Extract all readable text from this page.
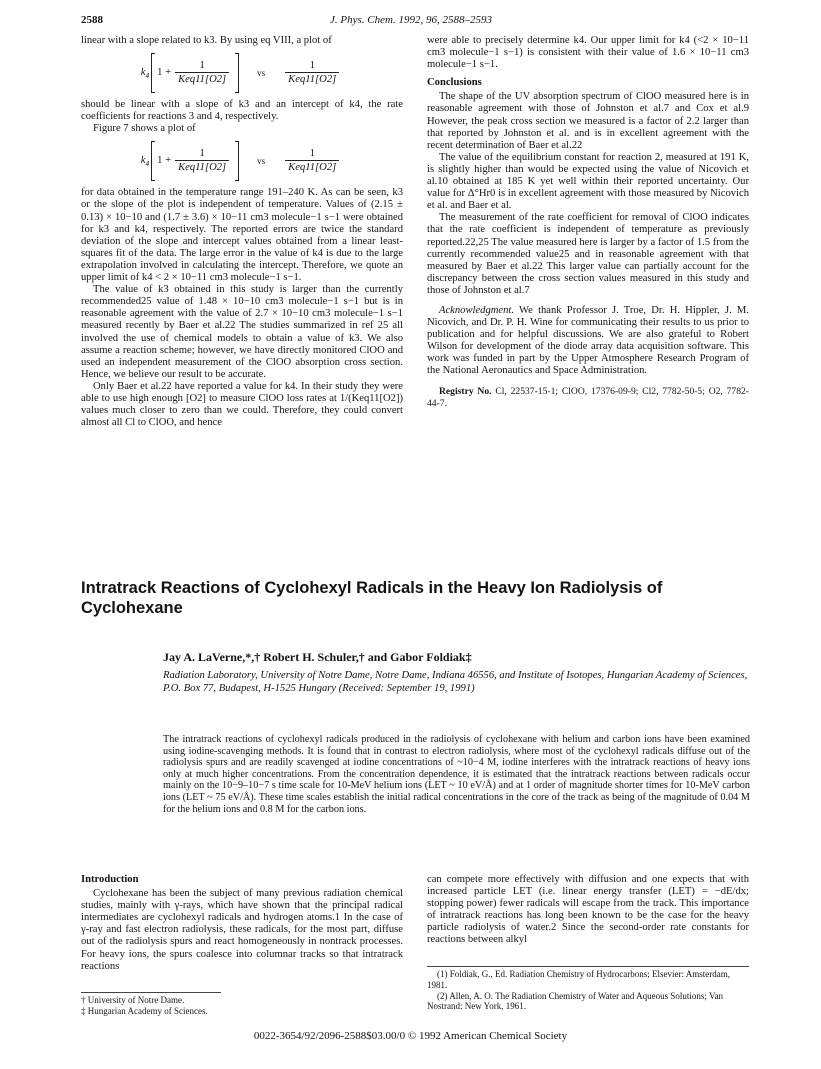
2588	J. Phys. Chem. 1992, 96, 2588–2593

linear with a slope related to k3. By using eq VIII, a plot of

$k_4$ $1 + \frac{1}{\text{Keq11[O2]}}$	vs $\frac{1}{\text{Keq11[O2]}}$

should be linear with a slope of k3 and an intercept of k4, the rate coefficients for reactions 3 and 4, respectively.

Figure 7 shows a plot of

$k_4$ $1 + \frac{1}{\text{Keq11[O2]}}$	vs $\frac{1}{\text{Keq11[O2]}}$

for data obtained in the temperature range 191–240 K. As can be seen, k3 or the slope of the plot is independent of temperature. Values of (2.15 ± 0.13) × 10−10 and (1.7 ± 3.6) × 10−11 cm3 molecule−1 s−1 were obtained for k3 and k4, respectively. The reported errors are twice the standard deviation of the slope and intercept values obtained from a linear least-squares fit of the data. The large error in the value of k4 is due to the large extrapolation involved in calculating the intercept. Therefore, we quote an upper limit of k4 < 2 × 10−11 cm3 molecule−1 s−1.

The value of k3 obtained in this study is larger than the currently recommended25 value of 1.48 × 10−10 cm3 molecule−1 s−1 but is in reasonable agreement with the value of 2.7 × 10−10 cm3 molecule−1 s−1 measured recently by Baer et al.22 The studies summarized in ref 25 all involved the use of chemical models to obtain a value of k3. We also assume a reaction scheme; however, we have directly monitored ClOO and used an independent measurement of the ClOO absorption cross section. Hence, we believe our result to be accurate.

Only Baer et al.22 have reported a value for k4. In their study they were able to use high enough [O2] to measure ClOO loss rates at 1/(Keq11[O2]) values much closer to zero than we could. Therefore, they could convert almost all Cl to ClOO, and hence

were able to precisely determine k4. Our upper limit for k4 (<2 × 10−11 cm3 molecule−1 s−1) is consistent with their value of 1.6 × 10−11 cm3 molecule−1 s−1.

Conclusions

The shape of the UV absorption spectrum of ClOO measured here is in reasonable agreement with those of Johnston et al.7 and Cox et al.9 However, the peak cross section we measured is a factor of 2.2 larger than that reported by Johnston et al. and is in excellent agreement with the recent determination of Baer et al.22

The value of the equilibrium constant for reaction 2, measured at 191 K, is slightly higher than would be expected using the value of Nicovich et al.10 obtained at 185 K yet well within their reported uncertainty. Our value for Δ°Hr0 is in excellent agreement with those measured by Nicovich et al. and Baer et al.

The measurement of the rate coefficient for removal of ClOO indicates that the rate coefficient is independent of temperature as previously reported.22,25 The value measured here is larger by a factor of 1.5 from the currently recommended value25 and in reasonable agreement with that measured by Baer et al.22 This larger value can partially account for the discrepancy between the cross section values measured in this study and those of Johnston et al.7

Acknowledgment. We thank Professor J. Troe, Dr. H. Hippler, J. M. Nicovich, and Dr. P. H. Wine for communicating their results to us prior to publication and for helpful discussions. We are also grateful to Robert Wilson for development of the diode array data acquisition software. This work was funded in part by the Upper Atmosphere Research Program of the National Aeronautics and Space Administration.

Registry No. Cl, 22537-15-1; ClOO, 17376-09-9; Cl2, 7782-50-5; O2, 7782-44-7.

Intratrack Reactions of Cyclohexyl Radicals in the Heavy Ion Radiolysis of Cyclohexane
Jay A. LaVerne,*,† Robert H. Schuler,† and Gabor Foldiak‡
Radiation Laboratory, University of Notre Dame, Notre Dame, Indiana 46556, and Institute of Isotopes, Hungarian Academy of Sciences, P.O. Box 77, Budapest, H-1525 Hungary (Received: September 19, 1991)
The intratrack reactions of cyclohexyl radicals produced in the radiolysis of cyclohexane with helium and carbon ions have been examined using iodine-scavenging methods. It is found that in contrast to electron radiolysis, where most of the cyclohexyl radicals diffuse out of the radiolysis spurs and are readily scavenged at iodine concentrations of ~10−4 M, iodine interferes with the intratrack reactions of heavy ions only at much higher concentrations. From the concentration dependence, it is estimated that the intratrack reactions between radicals occur mainly on the 10−9–10−7 s time scale for 10-MeV helium ions (LET ~ 10 eV/Å) and at 1 order of magnitude shorter times for 10-MeV carbon ions (LET ~ 75 eV/Å). These time scales establish the initial radical concentrations in the core of the track as being of the magnitude of 0.04 M for the helium ions and 0.8 M for the carbon ions.
Introduction

Cyclohexane has been the subject of many previous radiation chemical studies, mainly with γ-rays, which have shown that the principal radical intermediates are cyclohexyl radicals and hydrogen atoms.1 In the case of γ-ray and fast electron radiolysis, these radicals, for the most part, diffuse out of the radiolysis spurs and react homogeneously in nontrack processes. For heavy ions, the spurs coalesce into columnar tracks so that intratrack reactions

can compete more effectively with diffusion and one expects that with increased particle LET (i.e. linear energy transfer (LET) = −dE/dx; stopping power) fewer radicals will escape from the track. This importance of intratrack reactions has long been known to be the case for the heavy particle radiolysis of water.2 Since the second-order rate constants for reactions between alkyl

(1) Foldiak, G., Ed. Radiation Chemistry of Hydrocarbons; Elsevier: Amsterdam, 1981.

(2) Allen, A. O. The Radiation Chemistry of Water and Aqueous Solutions; Van Nostrand: New York, 1961.

† University of Notre Dame.
‡ Hungarian Academy of Sciences.
0022-3654/92/2096-2588$03.00/0 © 1992 American Chemical Society
